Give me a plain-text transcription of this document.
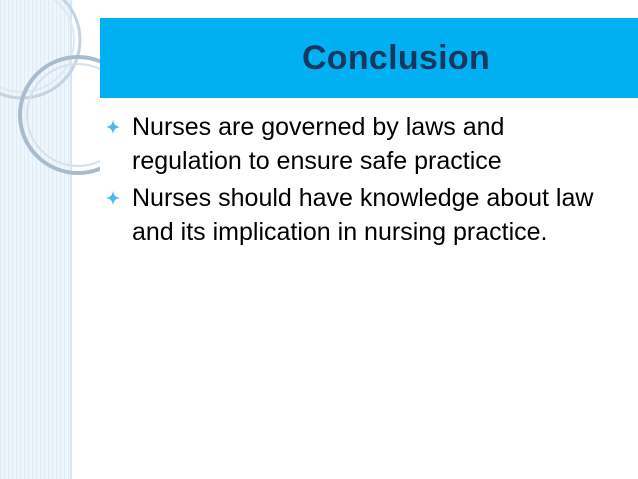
Conclusion
Nurses are governed by laws and regulation to ensure safe practice
Nurses should have knowledge about law and its implication in nursing practice.
